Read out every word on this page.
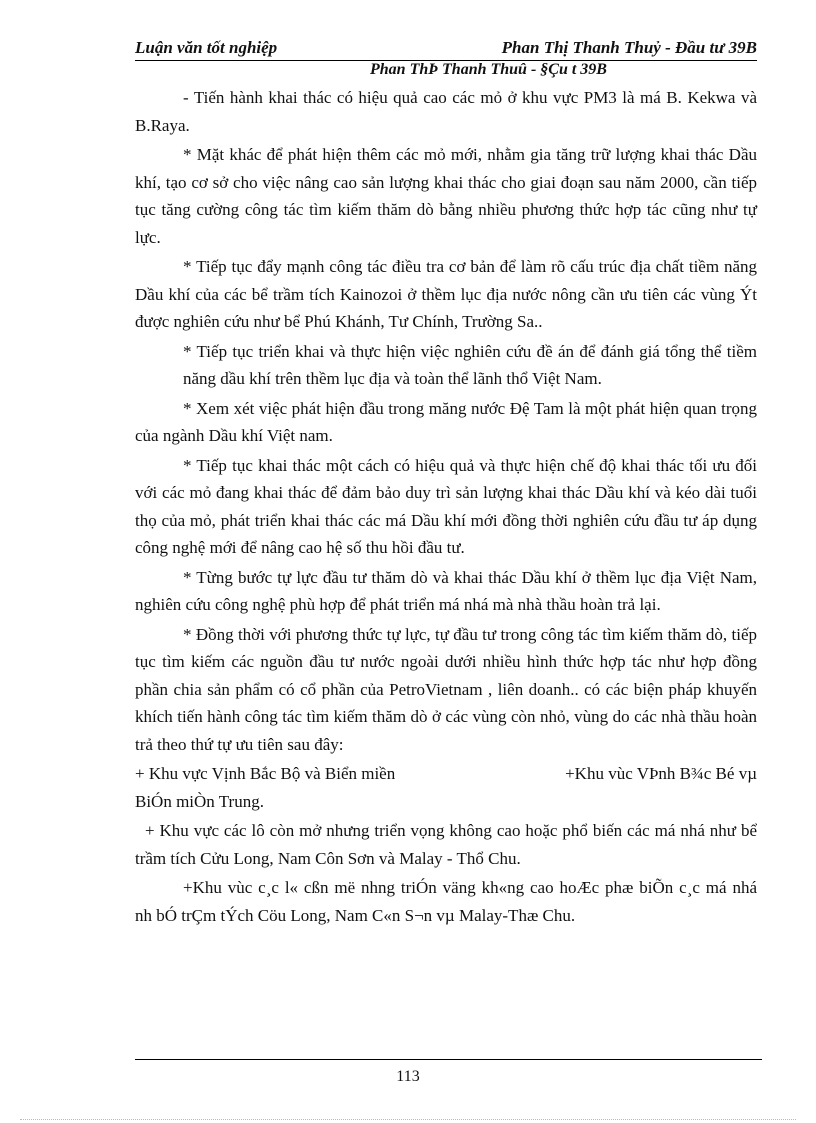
Luận văn tốt nghiệp	Phan Thị Thanh Thuỷ - Đầu tư 39B
Phan ThÞ Thanh Thuû - §Çu t 39B

- Tiến hành khai thác có hiệu quả cao các mỏ ở khu vực PM3 là má B. Kekwa và B.Raya.

* Mặt khác để phát hiện thêm các mỏ mới, nhằm gia tăng trữ lượng khai thác Dầu khí, tạo cơ sở cho việc nâng cao sản lượng khai thác cho giai đoạn sau năm 2000, cần tiếp tục tăng cường công tác tìm kiếm thăm dò bằng nhiều phương thức hợp tác cũng như tự lực.

* Tiếp tục đẩy mạnh công tác điều tra cơ bản để làm rõ cấu trúc địa chất tiềm năng Dầu khí của các bể trầm tích Kainozoi ở thềm lục địa nước nông cần ưu tiên các vùng Ýt được nghiên cứu như bể Phú Khánh, Tư Chính, Trường Sa..

* Tiếp tục triển khai và thực hiện việc nghiên cứu đề án để đánh giá tổng thể tiềm năng dầu khí trên thềm lục địa và toàn thể lãnh thổ Việt Nam.

* Xem xét việc phát hiện đầu trong măng nước Đệ Tam là một phát hiện quan trọng của ngành Dầu khí Việt nam.

* Tiếp tục khai thác một cách có hiệu quả và thực hiện chế độ khai thác tối ưu đối với các mỏ đang khai thác để đảm bảo duy trì sản lượng khai thác Dầu khí và kéo dài tuổi thọ của mỏ, phát triển khai thác các má Dầu khí mới đồng thời nghiên cứu đầu tư áp dụng công nghệ mới để nâng cao hệ số thu hồi đầu tư.

* Từng bước tự lực đầu tư thăm dò và khai thác Dầu khí ở thềm lục địa Việt Nam, nghiên cứu công nghệ phù hợp để phát triển má nhá mà nhà thầu hoàn trả lại.

* Đồng thời với phương thức tự lực, tự đầu tư trong công tác tìm kiếm thăm dò, tiếp tục tìm kiếm các nguồn đầu tư nước ngoài dưới nhiều hình thức hợp tác như hợp đồng phần chia sản phẩm có cổ phần của PetroVietnam , liên doanh.. có các biện pháp khuyến khích tiến hành công tác tìm kiếm thăm dò ở các vùng còn nhỏ, vùng do các nhà thầu hoàn trả theo thứ tự ưu tiên sau đây:

+ Khu vực Vịnh Bắc Bộ và Biển miền	+Khu vùc VÞnh B¾c Bé vµ
BiÓn miÒn Trung.

+ Khu vực các lô còn mở nhưng triển vọng không cao hoặc phổ biến các má nhá như bể trầm tích Cửu Long, Nam Côn Sơn và Malay - Thổ Chu.

+Khu vùc c¸c l« cßn më nhng triÓn väng kh«ng cao hoÆc phæ biÕn c¸c má nhá nh bÓ trÇm tÝch Cöu Long, Nam C«n S¬n vµ Malay-Thæ Chu.

113
